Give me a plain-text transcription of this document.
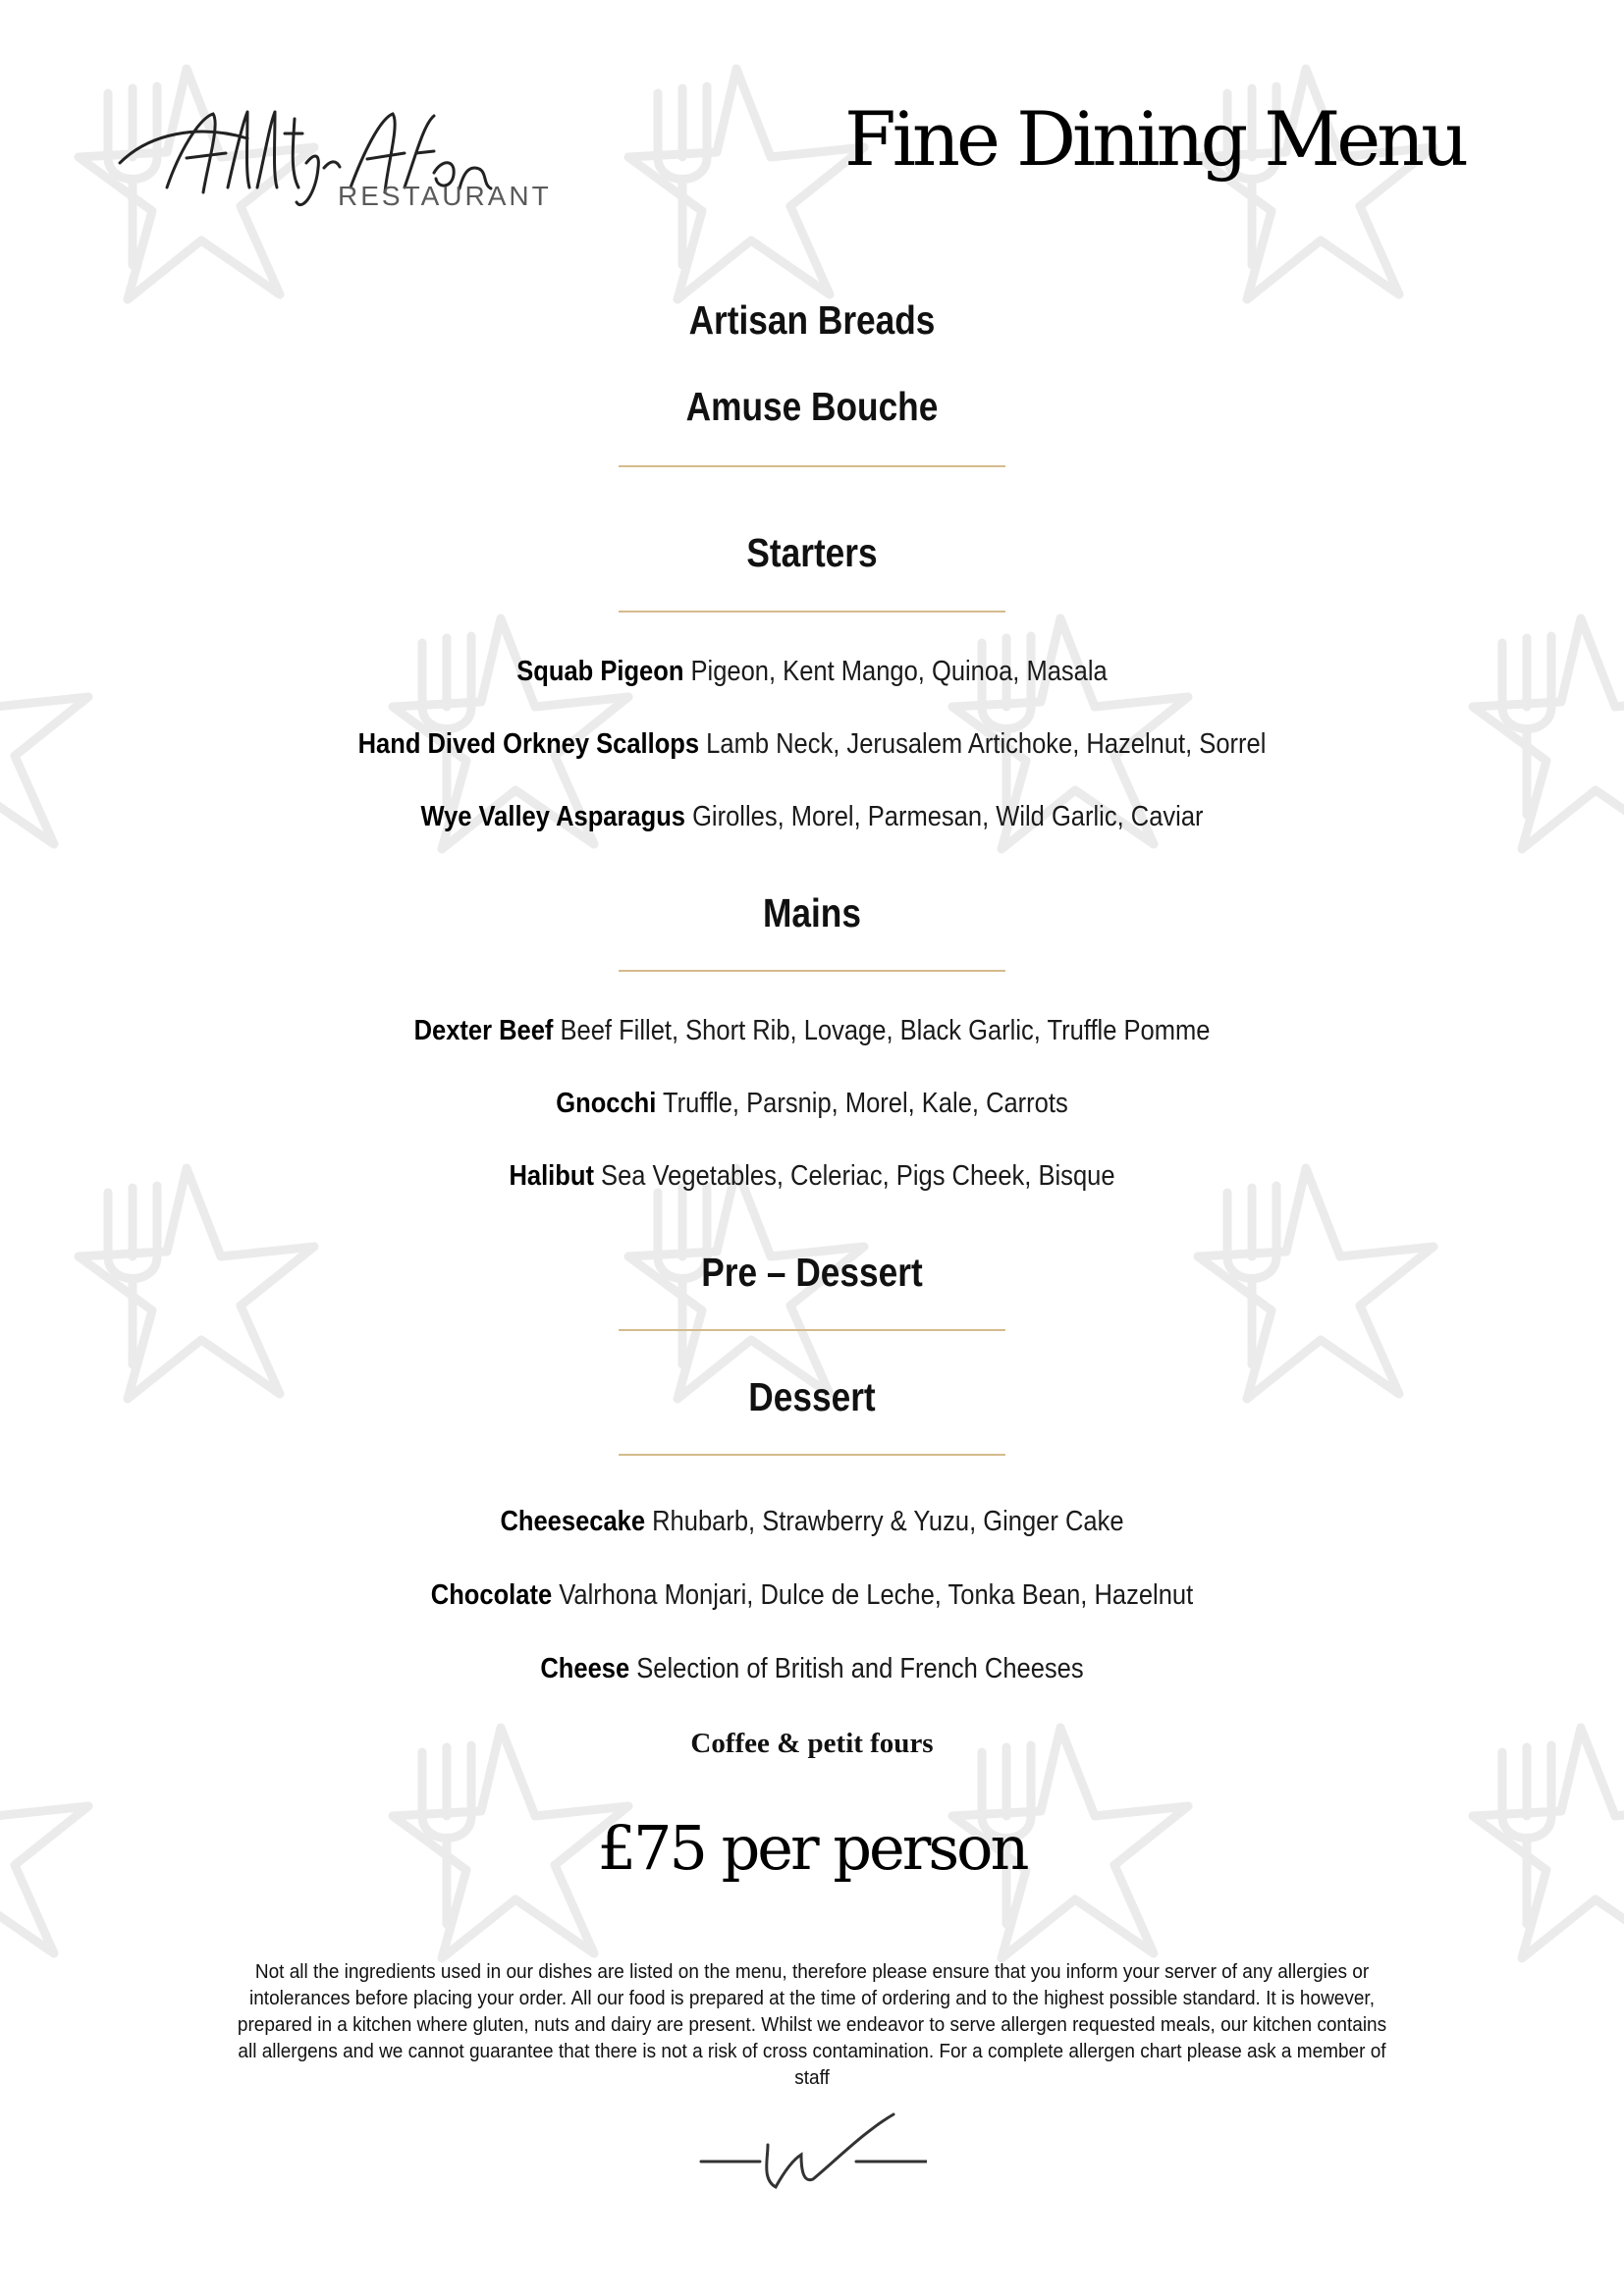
RESTAURANT
Fine Dining Menu
Artisan Breads
Amuse Bouche
Starters
Squab Pigeon Pigeon, Kent Mango, Quinoa, Masala
Hand Dived Orkney Scallops Lamb Neck, Jerusalem Artichoke, Hazelnut, Sorrel
Wye Valley Asparagus Girolles, Morel, Parmesan, Wild Garlic, Caviar
Mains
Dexter Beef Beef Fillet, Short Rib, Lovage, Black Garlic, Truffle Pomme
Gnocchi Truffle, Parsnip, Morel, Kale, Carrots
Halibut Sea Vegetables, Celeriac, Pigs Cheek, Bisque
Pre – Dessert
Dessert
Cheesecake Rhubarb, Strawberry & Yuzu, Ginger Cake
Chocolate Valrhona Monjari, Dulce de Leche, Tonka Bean, Hazelnut
Cheese Selection of British and French Cheeses
Coffee & petit fours
£75 per person
Not all the ingredients used in our dishes are listed on the menu, therefore please ensure that you inform your server of any allergies or intolerances before placing your order. All our food is prepared at the time of ordering and to the highest possible standard. It is however, prepared in a kitchen where gluten, nuts and dairy are present. Whilst we endeavor to serve allergen requested meals, our kitchen contains all allergens and we cannot guarantee that there is not a risk of cross contamination. For a complete allergen chart please ask a member of staff
